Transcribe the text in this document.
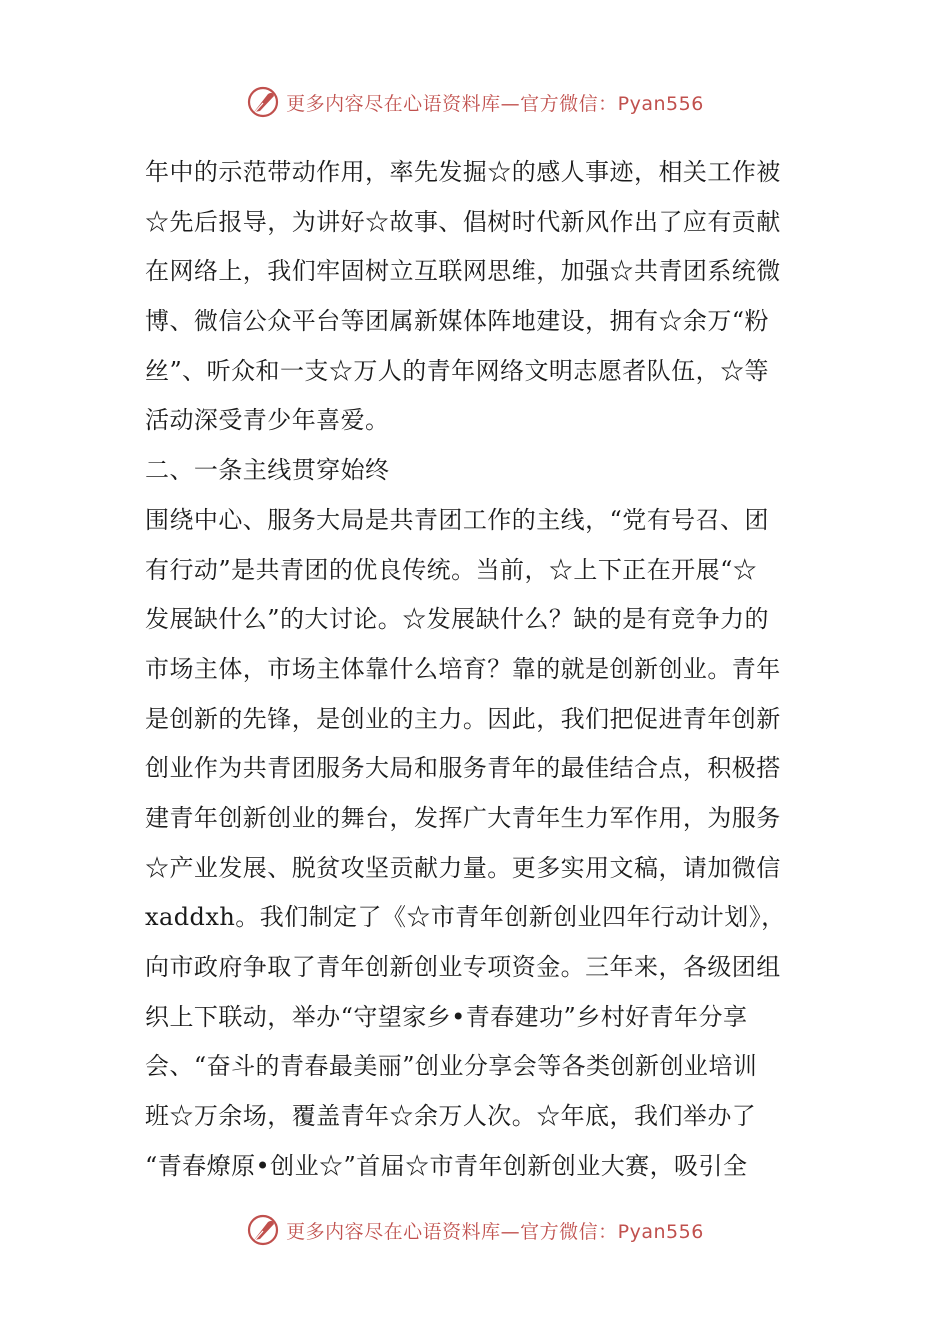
更多内容尽在心语资料库—官方微信：Pyan556
年中的示范带动作用，率先发掘☆的感人事迹，相关工作被
☆先后报导，为讲好☆故事、倡树时代新风作出了应有贡献
在网络上，我们牢固树立互联网思维，加强☆共青团系统微
博、微信公众平台等团属新媒体阵地建设，拥有☆余万“粉
丝”、听众和一支☆万人的青年网络文明志愿者队伍，☆等
活动深受青少年喜爱。
二、一条主线贯穿始终
围绕中心、服务大局是共青团工作的主线，“党有号召、团
有行动”是共青团的优良传统。当前，☆上下正在开展“☆
发展缺什么”的大讨论。☆发展缺什么？缺的是有竞争力的
市场主体，市场主体靠什么培育？靠的就是创新创业。青年
是创新的先锋，是创业的主力。因此，我们把促进青年创新
创业作为共青团服务大局和服务青年的最佳结合点，积极搭
建青年创新创业的舞台，发挥广大青年生力军作用，为服务
☆产业发展、脱贫攻坚贡献力量。更多实用文稿，请加微信
xaddxh。我们制定了《☆市青年创新创业四年行动计划》，
向市政府争取了青年创新创业专项资金。三年来，各级团组
织上下联动，举办“守望家乡•青春建功”乡村好青年分享
会、“奋斗的青春最美丽”创业分享会等各类创新创业培训
班☆万余场，覆盖青年☆余万人次。☆年底，我们举办了
“青春燎原•创业☆”首届☆市青年创新创业大赛，吸引全
更多内容尽在心语资料库—官方微信：Pyan556
